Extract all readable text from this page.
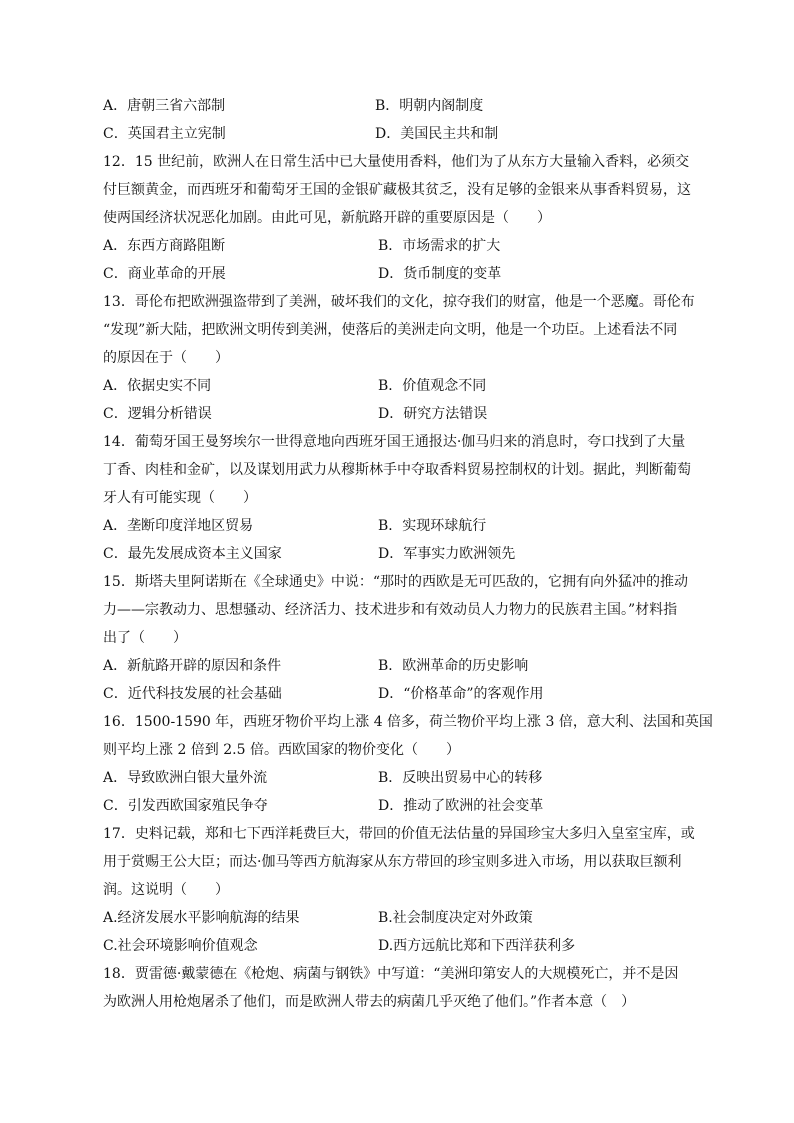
A．唐朝三省六部制	B．明朝内阁制度
C．英国君主立宪制	D．美国民主共和制
12．15 世纪前，欧洲人在日常生活中已大量使用香料，他们为了从东方大量输入香料，必须交
付巨额黄金，而西班牙和葡萄牙王国的金银矿藏极其贫乏，没有足够的金银来从事香料贸易，这
使两国经济状况恶化加剧。由此可见，新航路开辟的重要原因是（　　）
A．东西方商路阻断	B．市场需求的扩大
C．商业革命的开展	D．货币制度的变革
13．哥伦布把欧洲强盗带到了美洲，破坏我们的文化，掠夺我们的财富，他是一个恶魔。哥伦布
“发现”新大陆，把欧洲文明传到美洲，使落后的美洲走向文明，他是一个功臣。上述看法不同
的原因在于（　　）
A．依据史实不同	B．价值观念不同
C．逻辑分析错误	D．研究方法错误
14．葡萄牙国王曼努埃尔一世得意地向西班牙国王通报达·伽马归来的消息时，夸口找到了大量
丁香、肉桂和金矿，以及谋划用武力从穆斯林手中夺取香料贸易控制权的计划。据此，判断葡萄
牙人有可能实现（　　）
A．垄断印度洋地区贸易	B．实现环球航行
C．最先发展成资本主义国家	D．军事实力欧洲领先
15．斯塔夫里阿诺斯在《全球通史》中说：“那时的西欧是无可匹敌的，它拥有向外猛冲的推动
力——宗教动力、思想骚动、经济活力、技术进步和有效动员人力物力的民族君主国。”材料指
出了（　　）
A．新航路开辟的原因和条件	B．欧洲革命的历史影响
C．近代科技发展的社会基础	D．“价格革命”的客观作用
16．1500-1590 年，西班牙物价平均上涨 4 倍多，荷兰物价平均上涨 3 倍，意大利、法国和英国
则平均上涨 2 倍到 2.5 倍。西欧国家的物价变化（　　）
A．导致欧洲白银大量外流	B．反映出贸易中心的转移
C．引发西欧国家殖民争夺	D．推动了欧洲的社会变革
17．史料记载，郑和七下西洋耗费巨大，带回的价值无法估量的异国珍宝大多归入皇室宝库，或
用于赏赐王公大臣；而达·伽马等西方航海家从东方带回的珍宝则多进入市场，用以获取巨额利
润。这说明（　　）
A.经济发展水平影响航海的结果	B.社会制度决定对外政策
C.社会环境影响价值观念	D.西方远航比郑和下西洋获利多
18．贾雷德·戴蒙德在《枪炮、病菌与钢铁》中写道：“美洲印第安人的大规模死亡，并不是因
为欧洲人用枪炮屠杀了他们，而是欧洲人带去的病菌几乎灭绝了他们。”作者本意（　）
